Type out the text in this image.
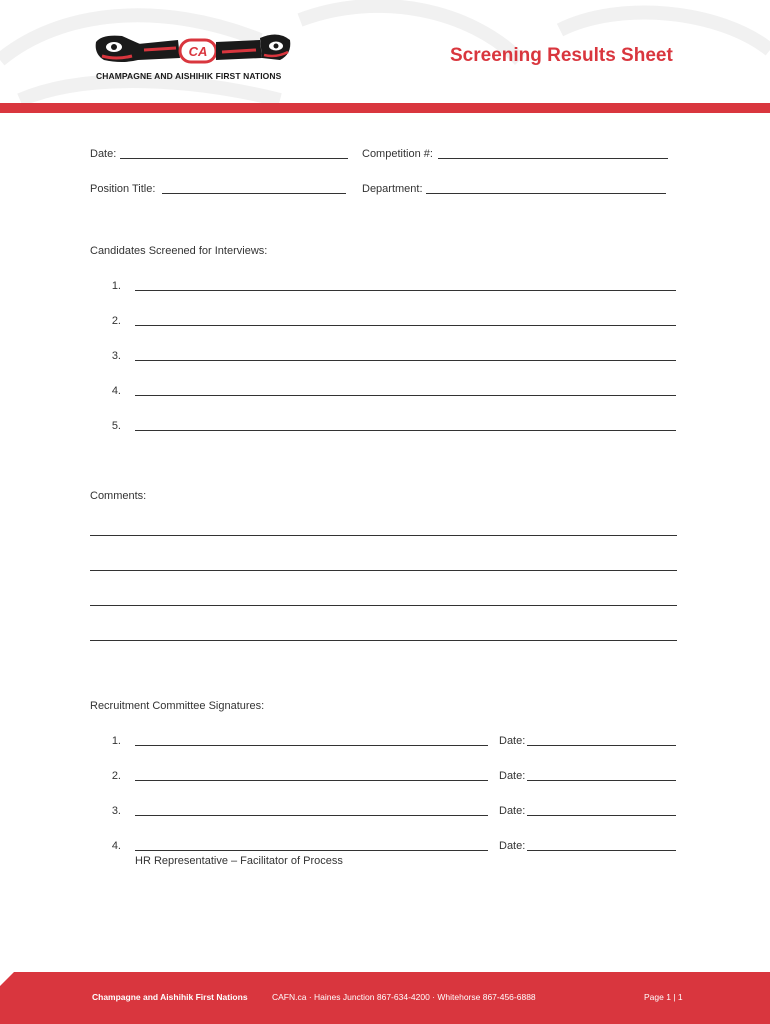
CA
CHAMPAGNE AND AISHIHIK FIRST NATIONS
Screening Results Sheet
Date:	Competition #:
Position Title:	Department:
Candidates Screened for Interviews:
1.
2.
3.
4.
5.
Comments:
Recruitment Committee Signatures:
1.	Date:
2.	Date:
3.	Date:
4.	Date:
HR Representative – Facilitator of Process
Champagne and Aishihik First Nations	CAFN.ca · Haines Junction 867-634-4200 · Whitehorse 867-456-6888	Page 1 | 1
